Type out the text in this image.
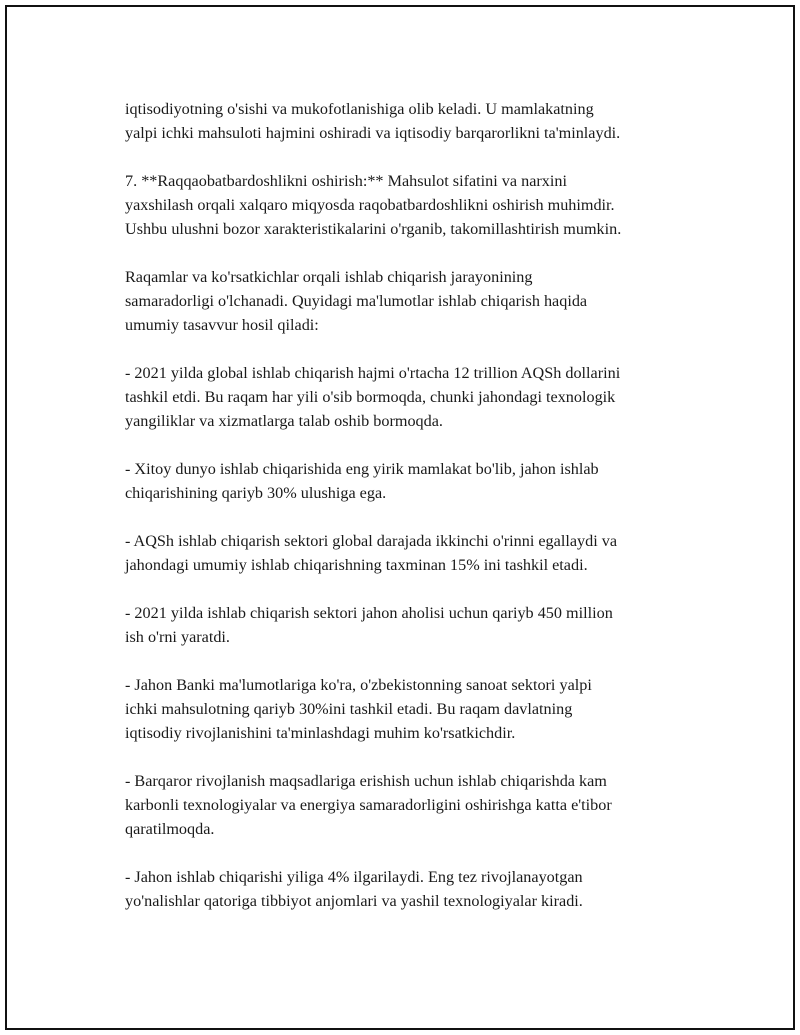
iqtisodiyotning o'sishi va mukofotlanishiga olib keladi. U mamlakatning
yalpi ichki mahsuloti hajmini oshiradi va iqtisodiy barqarorlikni ta'minlaydi.

7. **Raqqaobatbardoshlikni oshirish:** Mahsulot sifatini va narxini
yaxshilash orqali xalqaro miqyosda raqobatbardoshlikni oshirish muhimdir.
Ushbu ulushni bozor xarakteristikalarini o'rganib, takomillashtirish mumkin.

Raqamlar va ko'rsatkichlar orqali ishlab chiqarish jarayonining
samaradorligi o'lchanadi. Quyidagi ma'lumotlar ishlab chiqarish haqida
umumiy tasavvur hosil qiladi:

- 2021 yilda global ishlab chiqarish hajmi o'rtacha 12 trillion AQSh dollarini
tashkil etdi. Bu raqam har yili o'sib bormoqda, chunki jahondagi texnologik
yangiliklar va xizmatlarga talab oshib bormoqda.

- Xitoy dunyo ishlab chiqarishida eng yirik mamlakat bo'lib, jahon ishlab
chiqarishining qariyb 30% ulushiga ega.

- AQSh ishlab chiqarish sektori global darajada ikkinchi o'rinni egallaydi va
jahondagi umumiy ishlab chiqarishning taxminan 15% ini tashkil etadi.

- 2021 yilda ishlab chiqarish sektori jahon aholisi uchun qariyb 450 million
ish o'rni yaratdi.

- Jahon Banki ma'lumotlariga ko'ra, o'zbekistonning sanoat sektori yalpi
ichki mahsulotning qariyb 30%ini tashkil etadi. Bu raqam davlatning
iqtisodiy rivojlanishini ta'minlashdagi muhim ko'rsatkichdir.

- Barqaror rivojlanish maqsadlariga erishish uchun ishlab chiqarishda kam
karbonli texnologiyalar va energiya samaradorligini oshirishga katta e'tibor
qaratilmoqda.

- Jahon ishlab chiqarishi yiliga 4% ilgarilaydi. Eng tez rivojlanayotgan
yo'nalishlar qatoriga tibbiyot anjomlari va yashil texnologiyalar kiradi.
